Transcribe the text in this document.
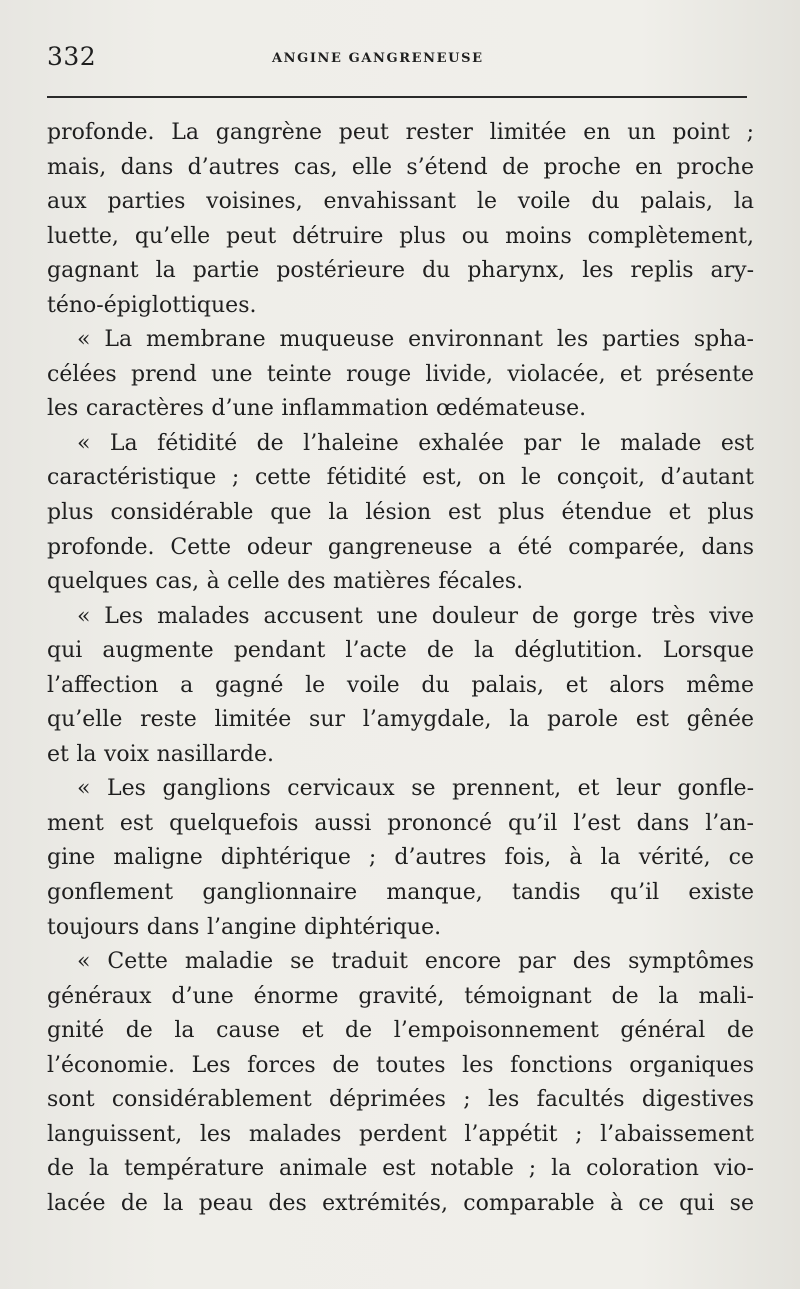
332	ANGINE GANGRENEUSE
profonde. La gangrène peut rester limitée en un point ;
mais, dans d’autres cas, elle s’étend de proche en proche
aux parties voisines, envahissant le voile du palais, la
luette, qu’elle peut détruire plus ou moins complètement,
gagnant la partie postérieure du pharynx, les replis ary-
téno-épiglottiques.
« La membrane muqueuse environnant les parties spha-
célées prend une teinte rouge livide, violacée, et présente
les caractères d’une inflammation œdémateuse.
« La fétidité de l’haleine exhalée par le malade est
caractéristique ; cette fétidité est, on le conçoit, d’autant
plus considérable que la lésion est plus étendue et plus
profonde. Cette odeur gangreneuse a été comparée, dans
quelques cas, à celle des matières fécales.
« Les malades accusent une douleur de gorge très vive
qui augmente pendant l’acte de la déglutition. Lorsque
l’affection a gagné le voile du palais, et alors même
qu’elle reste limitée sur l’amygdale, la parole est gênée
et la voix nasillarde.
« Les ganglions cervicaux se prennent, et leur gonfle-
ment est quelquefois aussi prononcé qu’il l’est dans l’an-
gine maligne diphtérique ; d’autres fois, à la vérité, ce
gonflement ganglionnaire manque, tandis qu’il existe
toujours dans l’angine diphtérique.
« Cette maladie se traduit encore par des symptômes
généraux d’une énorme gravité, témoignant de la mali-
gnité de la cause et de l’empoisonnement général de
l’économie. Les forces de toutes les fonctions organiques
sont considérablement déprimées ; les facultés digestives
languissent, les malades perdent l’appétit ; l’abaissement
de la température animale est notable ; la coloration vio-
lacée de la peau des extrémités, comparable à ce qui se
